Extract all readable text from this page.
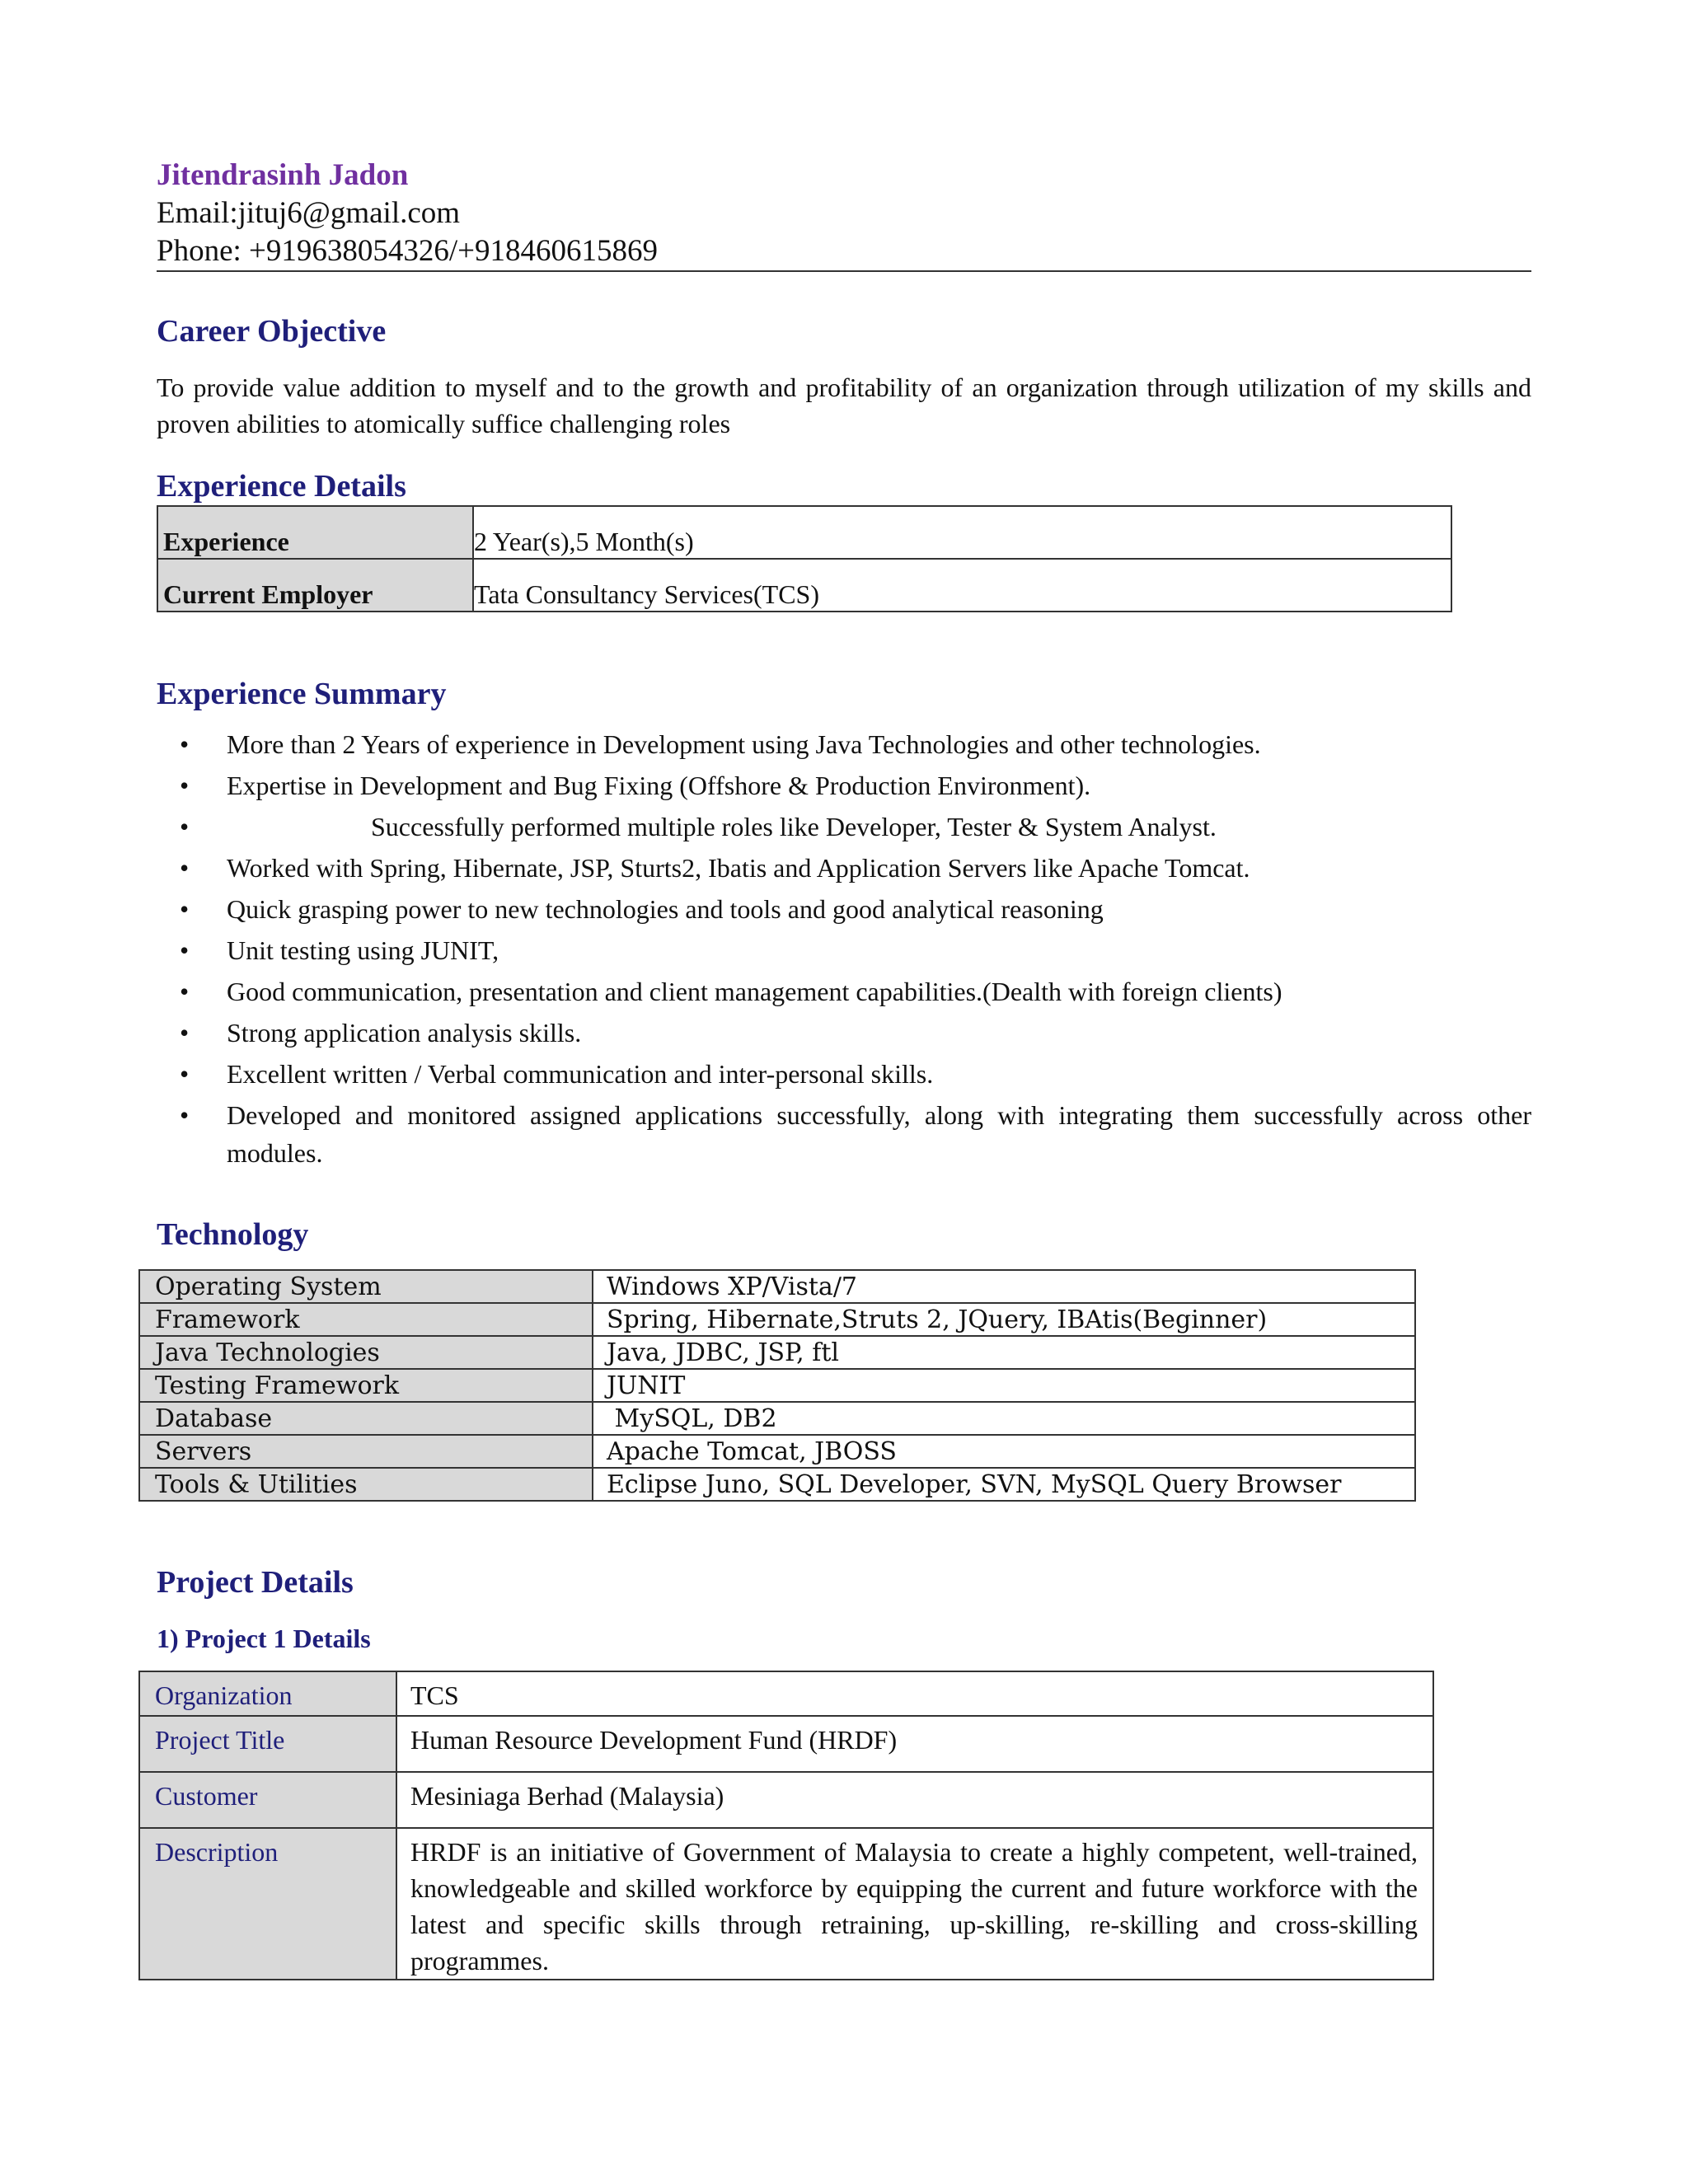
Jitendrasinh Jadon
Email:jituj6@gmail.com
Phone: +919638054326/+918460615869
Career Objective

To provide value addition to myself and to the growth and profitability of an organization through utilization of my skills and proven abilities to atomically suffice challenging roles

Experience Details
Experience	2 Year(s),5 Month(s)
Current Employer	Tata Consultancy Services(TCS)
Experience Summary
• More than 2 Years of experience in Development using Java Technologies and other technologies.
• Expertise in Development and Bug Fixing (Offshore & Production Environment).
•	Successfully performed multiple roles like Developer, Tester & System Analyst.
• Worked with Spring, Hibernate, JSP, Sturts2, Ibatis and Application Servers like Apache Tomcat.
• Quick grasping power to new technologies and tools and good analytical reasoning
• Unit testing using JUNIT,
• Good communication, presentation and client management capabilities.(Dealth with foreign clients)
• Strong application analysis skills.
• Excellent written / Verbal communication and inter-personal skills.
• Developed and monitored assigned applications successfully, along with integrating them successfully across other modules.
Technology
Operating System	Windows XP/Vista/7
Framework	Spring, Hibernate,Struts 2, JQuery, IBAtis(Beginner)
Java Technologies	Java, JDBC, JSP, ftl
Testing Framework	JUNIT
Database	MySQL, DB2
Servers	Apache Tomcat, JBOSS
Tools & Utilities	Eclipse Juno, SQL Developer, SVN, MySQL Query Browser
Project Details
1) Project 1 Details
Organization	TCS
Project Title	Human Resource Development Fund (HRDF)
Customer	Mesiniaga Berhad (Malaysia)
Description	HRDF is an initiative of Government of Malaysia to create a highly competent, well-trained, knowledgeable and skilled workforce by equipping the current and future workforce with the latest and specific skills through retraining, up-skilling, re-skilling and cross-skilling programmes.
